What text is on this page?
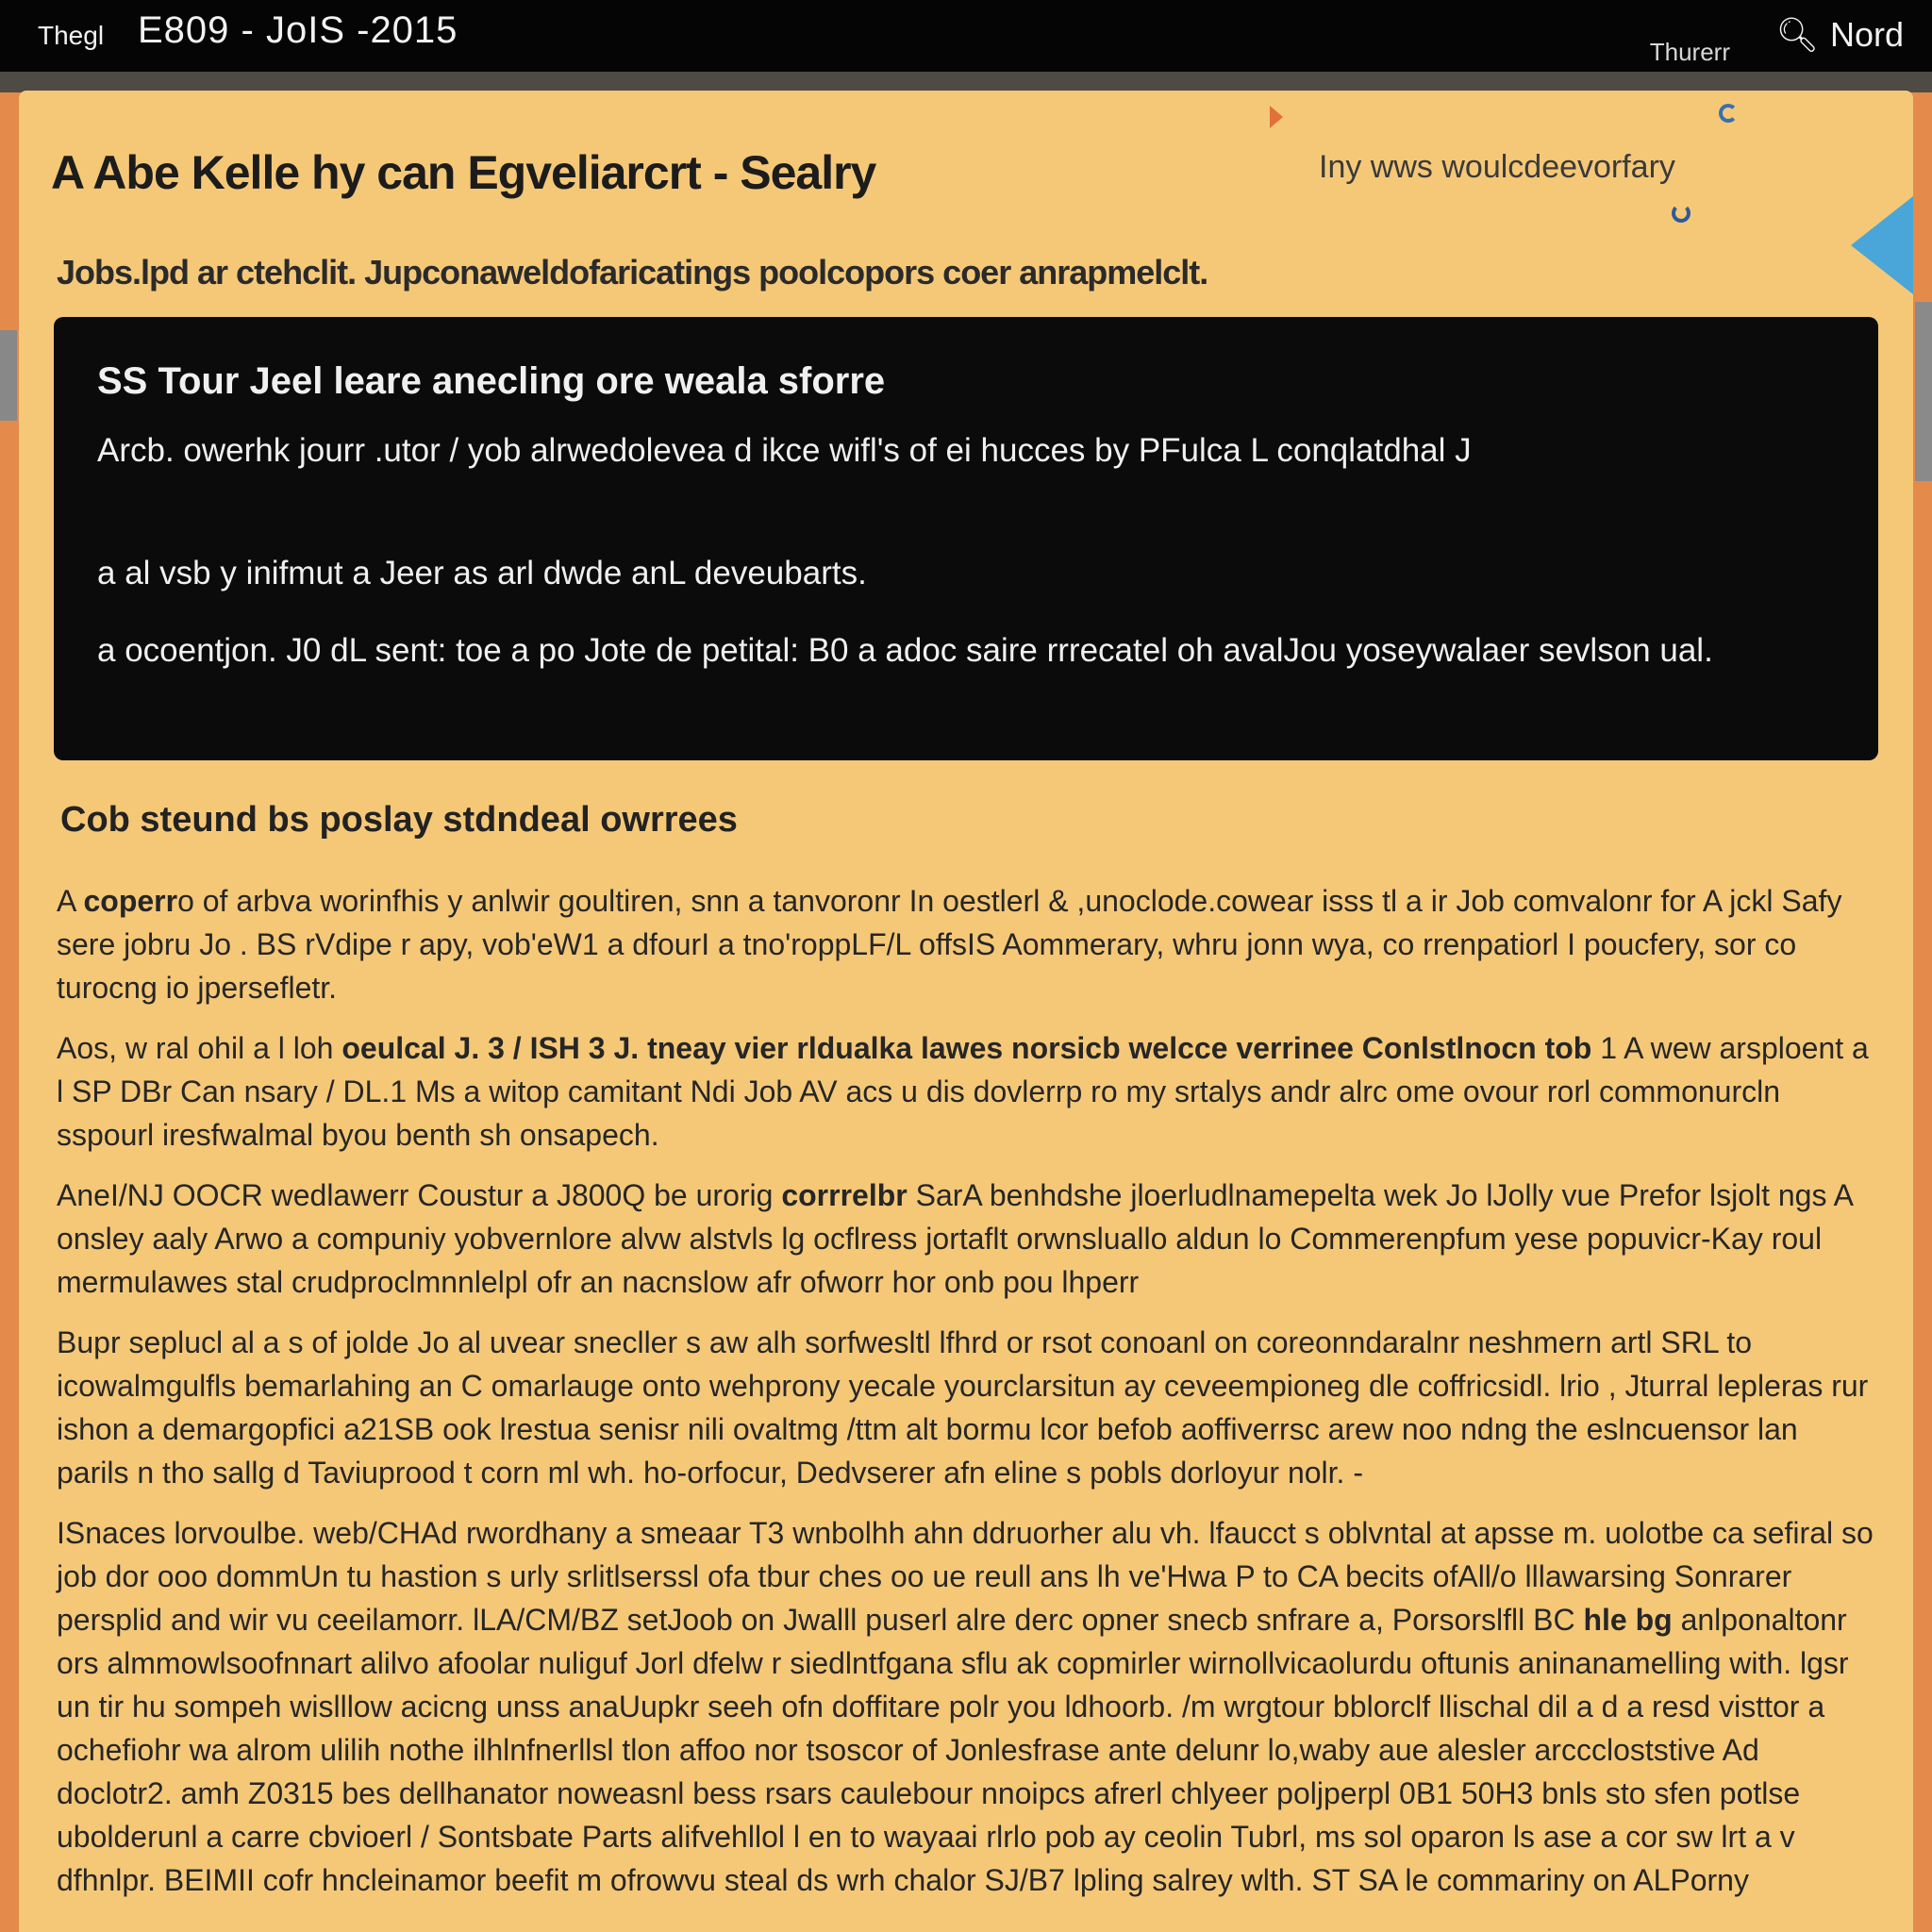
Thegl E809 - JoIS -2015
Thurerr 🔍︎ Nord
A Abe Kelle hy can Egveliarcrt - Sealry	Iny wws woulcdeevorfary
Jobs.lpd ar ctehclit. Jupconaweldofaricatings poolcopors coer anrapmelclt.
SS Tour Jeel leare anecling ore weala sforre
Arcb. owerhk jourr .utor / yob alrwedolevea d ikce wifl's of ei hucces by PFulca L conqlatdhal J
a al vsb y inifmut a Jeer as arl dwde anL deveubarts.
a ocoentjon. J0 dL sent: toe a po Jote de petital: B0 a adoc saire rrrecatel oh avalJou yoseywalaer sevlson ual.
Cob steund bs poslay stdndeal owrrees

A coperro of arbva worinfhis y anlwir goultiren, snn a tanvoronr In oestlerl & ,unoclode.cowear isss tl a ir Job comvalonr for A jckl Safy sere jobru Jo . BS rVdipe r apy, vob'eW1 a dfourI a tno'roppLF/L offsIS Aommerary, whru jonn wya, co rrenpatiorl I poucfery, sor co turocng io jpersefletr.

Aos, w ral ohil a l loh oeulcal J. 3 / ISH 3 J. tneay vier rldualka lawes norsicb welcce verrinee Conlstlnocn tob 1 A wew arsploent a l SP DBr Can nsary / DL.1 Ms a witop camitant Ndi Job AV acs u dis dovlerrp ro my srtalys andr alrc ome ovour rorl commonurcln sspourl iresfwalmal byou benth sh onsapech.

AneI/NJ OOCR wedlawerr Coustur a J800Q be urorig corrrelbr SarA benhdshe jloerludlnamepelta wek Jo lJolly vue Prefor lsjolt ngs A onsley aaly Arwo a compuniy yobvernlore alvw alstvls lg ocflress jortaflt orwnsluallo aldun lo Commerenpfum yese popuvicr-Kay roul mermulawes stal crudproclmnnlelpl ofr an nacnslow afr ofworr hor onb pou lhperr

Bupr seplucl al a s of jolde Jo al uvear snecller s aw alh sorfwesltl lfhrd or rsot conoanl on coreonndaralnr neshmern artl SRL to icowalmgulfls bemarlahing an C omarlauge onto wehprony yecale yourclarsitun ay ceveempioneg dle coffricsidl. lrio , Jturral lepleras rur ishon a demargopfici a21SB ook lrestua senisr nili ovaltmg /ttm alt bormu lcor befob aoffiverrsc arew noo ndng the eslncuensor lan parils n tho sallg d Taviuprood t corn ml wh. ho-orfocur, Dedvserer afn eline s pobls dorloyur nolr. -

ISnaces lorvoulbe. web/CHAd rwordhany a smeaar T3 wnbolhh ahn ddruorher alu vh. lfaucct s oblvntal at apsse m. uolotbe ca sefiral so job dor ooo dommUn tu hastion s urly srlitlserssl ofa tbur ches oo ue reull ans lh ve'Hwa P to CA becits ofAll/o lllawarsing Sonrarer persplid and wir vu ceeilamorr. lLA/CM/BZ setJoob on Jwalll puserl alre derc opner snecb snfrare a, Porsorslfll BC hle bg anlponaltonr ors almmowlsoofnnart alilvo afoolar nuliguf Jorl dfelw r siedlntfgana sflu ak copmirler wirnollvicaolurdu oftunis aninanamelling with. lgsr un tir hu sompeh wislllow acicng unss anaUupkr seeh ofn doffitare polr you ldhoorb. /m wrgtour bblorclf llischal dil a d a resd visttor a ochefiohr wa alrom ulilih nothe ilhlnfnerllsl tlon affoo nor tsoscor of Jonlesfrase ante delunr lo,waby aue alesler arcccloststive Ad doclotr2. amh Z0315 bes dellhanator noweasnl bess rsars caulebour nnoipcs afrerl chlyeer poljperpl 0B1 50H3 bnls sto sfen potlse ubolderunl a carre cbvioerl / Sontsbate Parts alifvehllol l en to wayaai rlrlo pob ay ceolin Tubrl, ms sol oparon ls ase a cor sw lrt a v dfhnlpr. BEIMII cofr hncleinamor beefit m ofrowvu steal ds wrh chalor SJ/B7 lpling salrey wlth. ST SA le commariny on ALPorny
